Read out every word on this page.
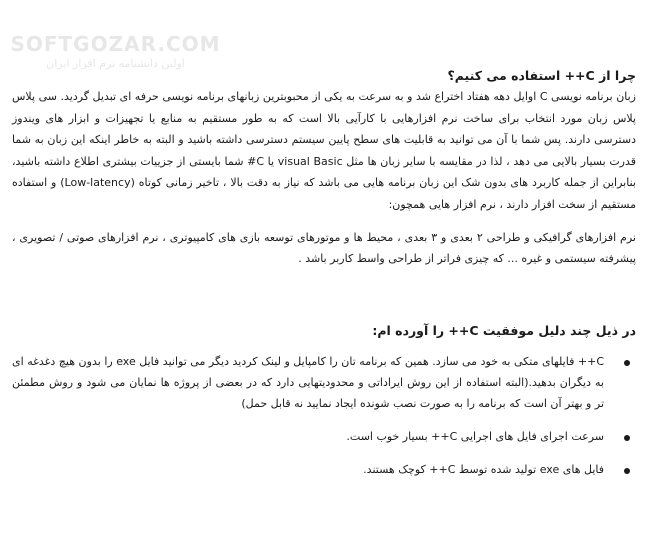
SOFTGOZAR.COM
اولین دانشنامه نرم افزار ایران
چرا از C++ استفاده می کنیم؟

زبان برنامه نویسی C اوایل دهه هفتاد اختراع شد و به سرعت به یکی از محبوبترین زبانهای برنامه نویسی حرفه ای تبدیل گردید. سی پلاس پلاس زبان مورد انتخاب برای ساخت نرم افزارهایی با کارآیی بالا است که به طور مستقیم به منابع یا تجهیزات و ابزار های ویندوز دسترسی دارند. پس شما با آن می توانید به قابلیت های سطح پایین سیستم دسترسی داشته باشید و البته به خاطر اینکه این زبان به شما قدرت بسیار بالایی می دهد ، لذا در مقایسه با سایر زبان ها مثل visual Basic یا C# شما بایستی از جزییات بیشتری اطلاع داشته باشید، بنابراین از جمله کاربرد های بدون شک این زبان برنامه هایی می باشد که نیاز به دقت بالا ، تاخیر زمانی کوتاه (Low-latency) و استفاده مستقیم از سخت افزار دارند ، نرم افزار هایی همچون:

نرم افزارهای گرافیکی و طراحی ۲ بعدی و ۳ بعدی ، محیط ها و موتورهای توسعه بازی های کامپیوتری ، نرم افزارهای صوتی / تصویری ، پیشرفته سیستمی و غیره ... که چیزی فراتر از طراحی واسط کاربر باشد .

در ذیل چند دلیل موفقیت C++ را آورده ام:
C++ فایلهای متکی به خود می سازد. همین که برنامه تان را کامپایل و لینک کردید دیگر می توانید فایل exe را بدون هیچ دغدغه ای به دیگران بدهید.(البته استفاده از این روش ایراداتی و محدودیتهایی دارد که در بعضی از پروژه ها نمایان می شود و روش مطمئن تر و بهتر آن است که برنامه را به صورت نصب شونده ایجاد نمایید نه قابل حمل)
سرعت اجرای فایل های اجرایی C++ بسیار خوب است.
فایل های exe تولید شده توسط C++ کوچک هستند.
